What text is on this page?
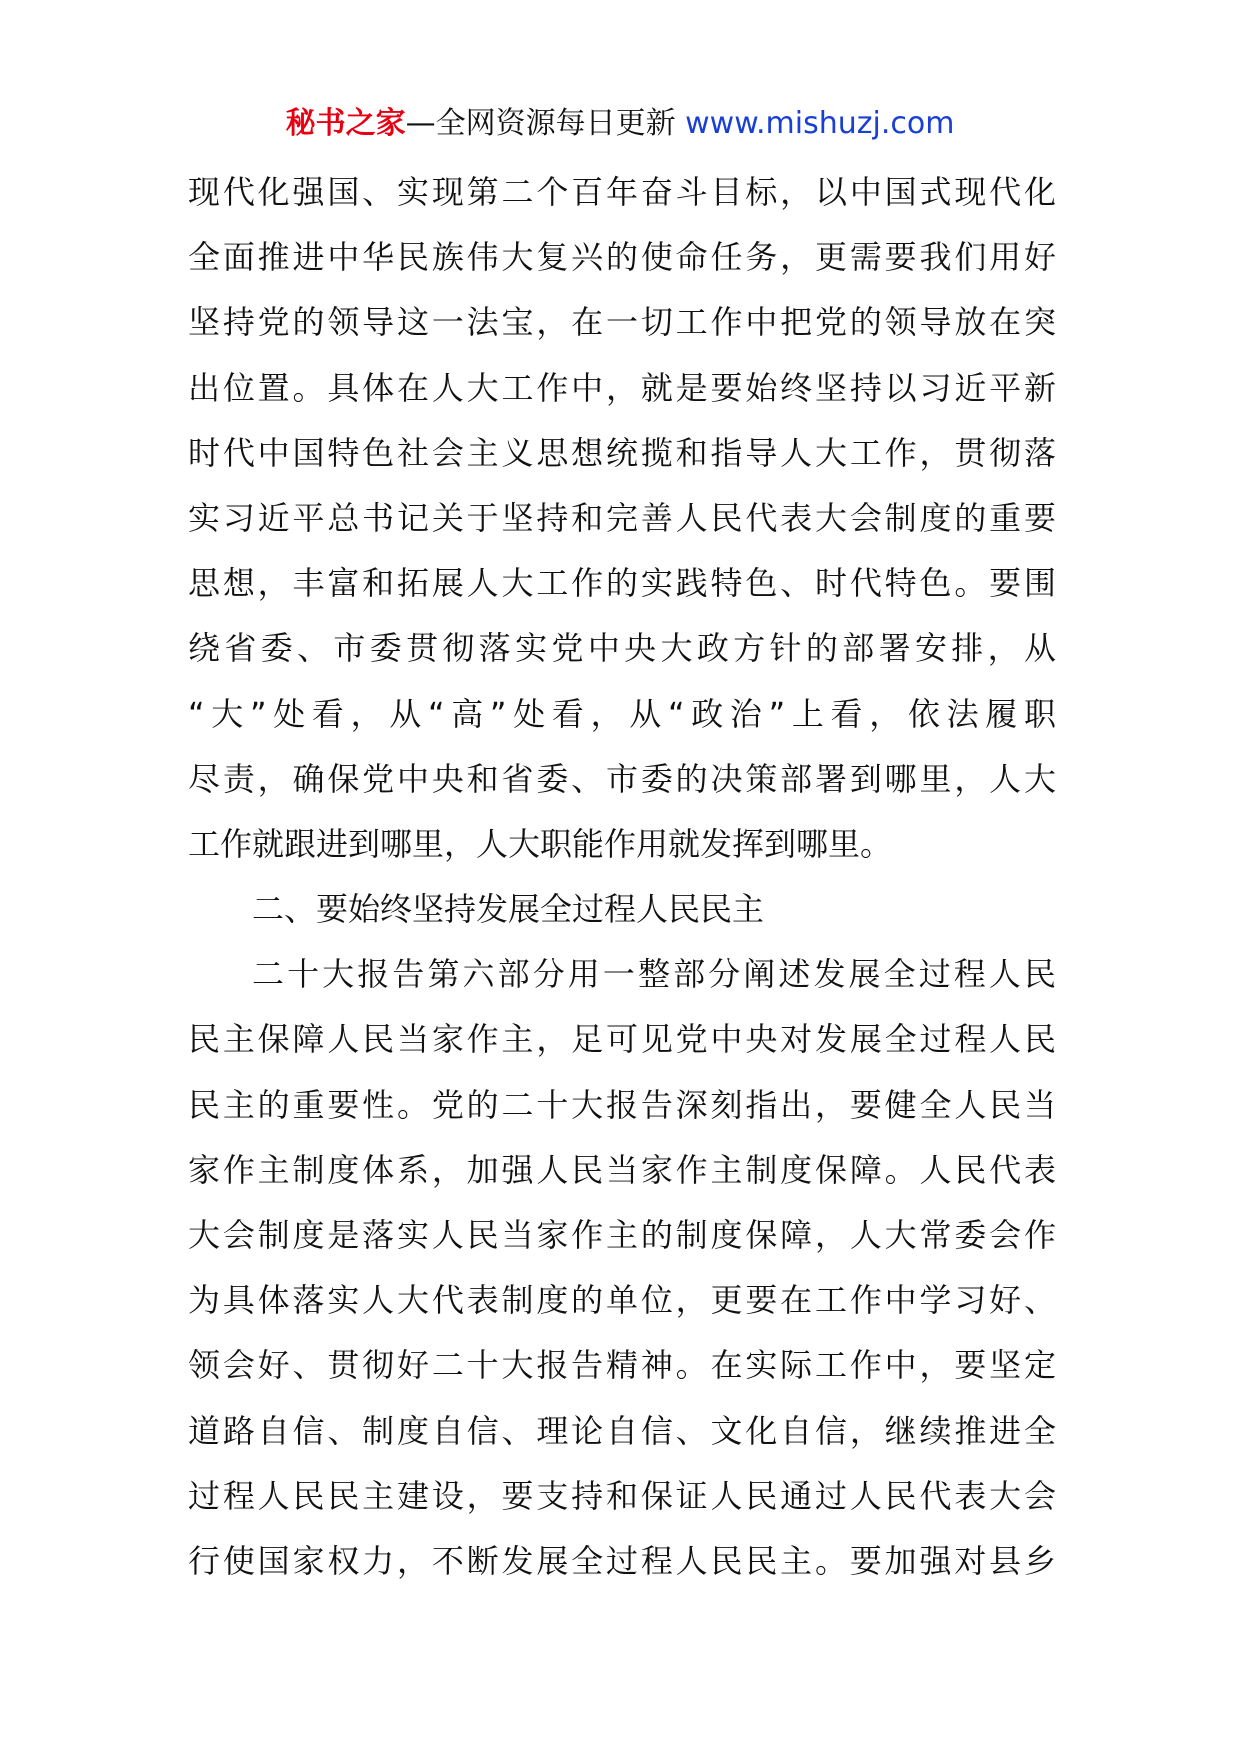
秘书之家—全网资源每日更新 www.mishuzj.com
现代化强国、实现第二个百年奋斗目标，以中国式现代化
全面推进中华民族伟大复兴的使命任务，更需要我们用好
坚持党的领导这一法宝，在一切工作中把党的领导放在突
出位置。具体在人大工作中，就是要始终坚持以习近平新
时代中国特色社会主义思想统揽和指导人大工作，贯彻落
实习近平总书记关于坚持和完善人民代表大会制度的重要
思想，丰富和拓展人大工作的实践特色、时代特色。要围
绕省委、市委贯彻落实党中央大政方针的部署安排，从
“大”处看，从“高”处看，从“政治”上看，依法履职
尽责，确保党中央和省委、市委的决策部署到哪里，人大
工作就跟进到哪里，人大职能作用就发挥到哪里。
二、要始终坚持发展全过程人民民主
二十大报告第六部分用一整部分阐述发展全过程人民
民主保障人民当家作主，足可见党中央对发展全过程人民
民主的重要性。党的二十大报告深刻指出，要健全人民当
家作主制度体系，加强人民当家作主制度保障。人民代表
大会制度是落实人民当家作主的制度保障，人大常委会作
为具体落实人大代表制度的单位，更要在工作中学习好、
领会好、贯彻好二十大报告精神。在实际工作中，要坚定
道路自信、制度自信、理论自信、文化自信，继续推进全
过程人民民主建设，要支持和保证人民通过人民代表大会
行使国家权力，不断发展全过程人民民主。要加强对县乡
